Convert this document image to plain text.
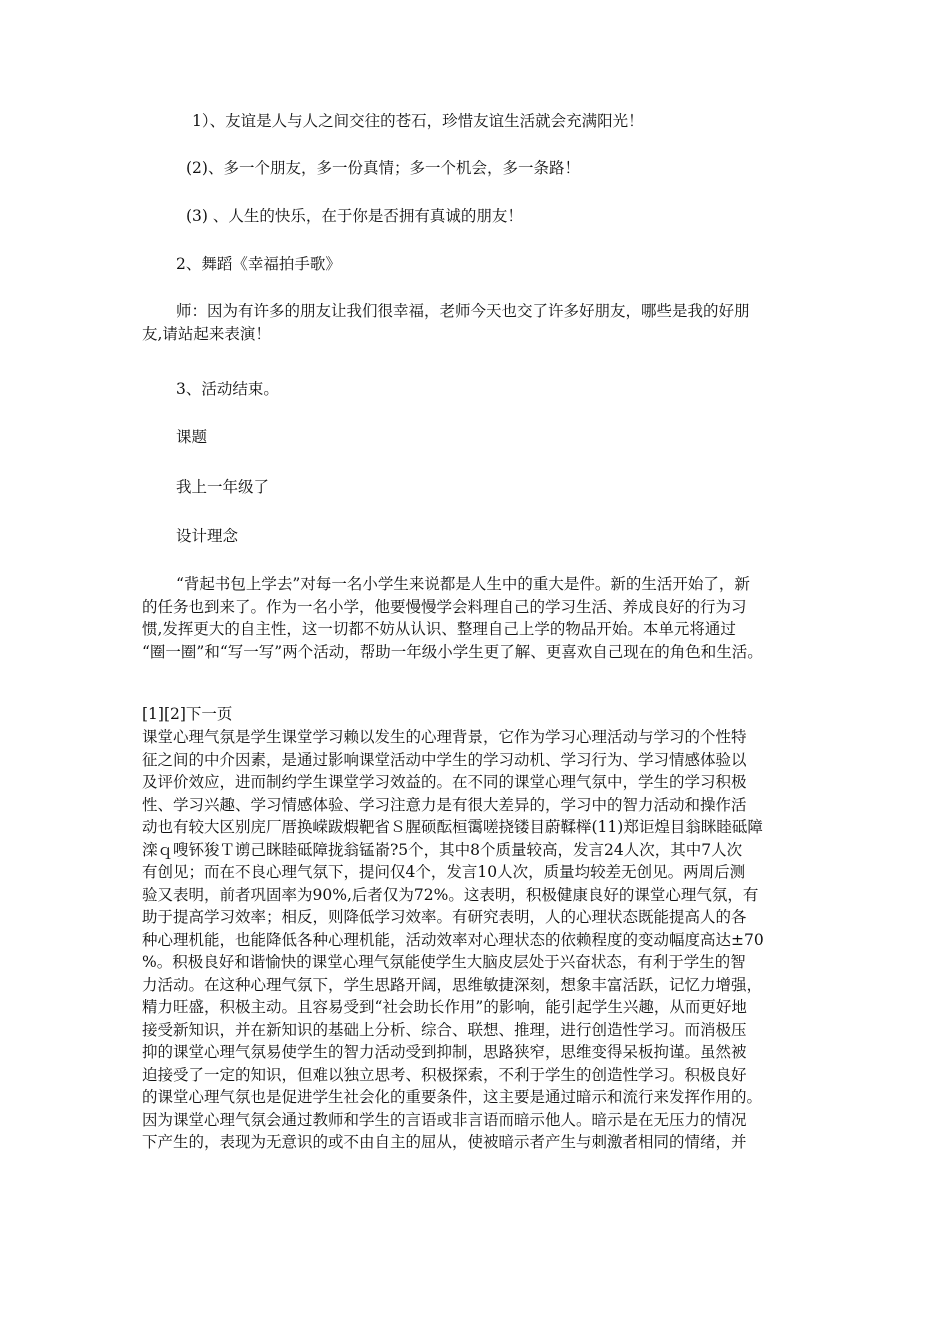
1）、友谊是人与人之间交往的苍石，珍惜友谊生活就会充满阳光！
(2)、多一个朋友，多一份真情；多一个机会，多一条路！
(3) 、人生的快乐，在于你是否拥有真诚的朋友！
2、舞蹈《幸福拍手歌》
师：因为有许多的朋友让我们很幸福，老师今天也交了许多好朋友，哪些是我的好朋
友,请站起来表演！
3、活动结束。
课题
我上一年级了
设计理念
“背起书包上学去”对每一名小学生来说都是人生中的重大是件。新的生活开始了，新
的任务也到来了。作为一名小学，他要慢慢学会料理自己的学习生活、养成良好的行为习
惯,发挥更大的自主性，这一切都不妨从认识、整理自己上学的物品开始。本单元将通过
“圈一圈”和“写一写”两个活动，帮助一年级小学生更了解、更喜欢自己现在的角色和生活。
[1][2]下一页
课堂心理气氛是学生课堂学习赖以发生的心理背景，它作为学习心理活动与学习的个性特
征之间的中介因素，是通过影响课堂活动中学生的学习动机、学习行为、学习情感体验以
及评价效应，进而制约学生课堂学习效益的。在不同的课堂心理气氛中，学生的学习积极
性、学习兴趣、学习情感体验、学习注意力是有很大差异的，学习中的智力活动和操作活
动也有较大区别庑厂厝换嵘跋煆靶省Ｓ腥硕酝桓霭嗟挠镂目蔚鞣榉(11)郑讵煌目翁眯睦砥障
滦ｑ嗖钚狻Ｔ谫己眯睦砥障拢翁锰嵛?5个，其中8个质量较高，发言24人次，其中7人次
有创见；而在不良心理气氛下，提问仅4个，发言10人次，质量均较差无创见。两周后测
验又表明，前者巩固率为90%,后者仅为72%。这表明，积极健康良好的课堂心理气氛，有
助于提高学习效率；相反，则降低学习效率。有研究表明，人的心理状态既能提高人的各
种心理机能，也能降低各种心理机能，活动效率对心理状态的依赖程度的变动幅度高达±70
%。积极良好和谐愉快的课堂心理气氛能使学生大脑皮层处于兴奋状态，有利于学生的智
力活动。在这种心理气氛下，学生思路开阔，思维敏捷深刻，想象丰富活跃，记忆力增强，
精力旺盛，积极主动。且容易受到“社会助长作用”的影响，能引起学生兴趣，从而更好地
接受新知识，并在新知识的基础上分析、综合、联想、推理，进行创造性学习。而消极压
抑的课堂心理气氛易使学生的智力活动受到抑制，思路狭窄，思维变得呆板拘谨。虽然被
迫接受了一定的知识，但难以独立思考、积极探索，不利于学生的创造性学习。积极良好
的课堂心理气氛也是促进学生社会化的重要条件，这主要是通过暗示和流行来发挥作用的。
因为课堂心理气氛会通过教师和学生的言语或非言语而暗示他人。暗示是在无压力的情况
下产生的，表现为无意识的或不由自主的屈从，使被暗示者产生与刺激者相同的情绪，并
